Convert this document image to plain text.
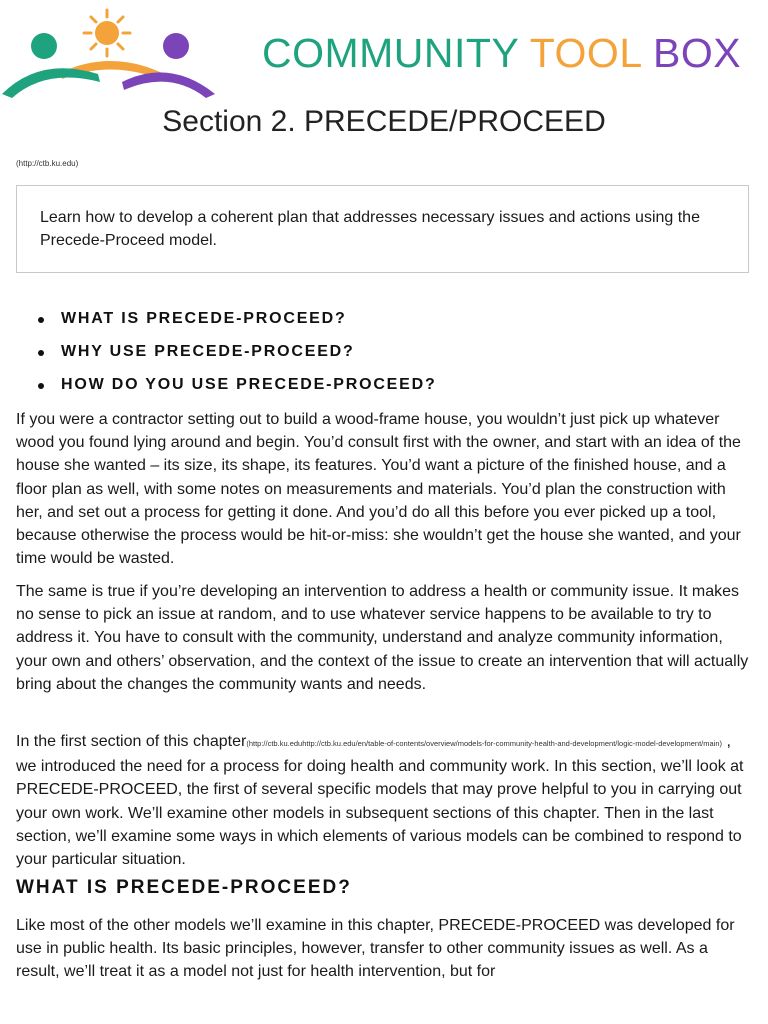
COMMUNITY TOOL BOX
Section 2. PRECEDE/PROCEED
(http://ctb.ku.edu)
Learn how to develop a coherent plan that addresses necessary issues and actions using the Precede-Proceed model.
WHAT IS PRECEDE-PROCEED?
WHY USE PRECEDE-PROCEED?
HOW DO YOU USE PRECEDE-PROCEED?

If you were a contractor setting out to build a wood-frame house, you wouldn’t just pick up whatever wood you found lying around and begin. You’d consult first with the owner, and start with an idea of the house she wanted – its size, its shape, its features. You’d want a picture of the finished house, and a floor plan as well, with some notes on measurements and materials. You’d plan the construction with her, and set out a process for getting it done. And you’d do all this before you ever picked up a tool, because otherwise the process would be hit-or-miss: she wouldn’t get the house she wanted, and your time would be wasted.

The same is true if you’re developing an intervention to address a health or community issue. It makes no sense to pick an issue at random, and to use whatever service happens to be available to try to address it. You have to consult with the community, understand and analyze community information, your own and others’ observation, and the context of the issue to create an intervention that will actually bring about the changes the community wants and needs.

In the first section of this chapter(http://ctb.ku.eduhttp://ctb.ku.edu/en/table-of-contents/overview/models-for-community-health-and-development/logic-model-development/main) , we introduced the need for a process for doing health and community work. In this section, we’ll look at PRECEDE-PROCEED, the first of several specific models that may prove helpful to you in carrying out your own work. We’ll examine other models in subsequent sections of this chapter. Then in the last section, we’ll examine some ways in which elements of various models can be combined to respond to your particular situation.

WHAT IS PRECEDE-PROCEED?

Like most of the other models we’ll examine in this chapter, PRECEDE-PROCEED was developed for use in public health. Its basic principles, however, transfer to other community issues as well. As a result, we’ll treat it as a model not just for health intervention, but for
